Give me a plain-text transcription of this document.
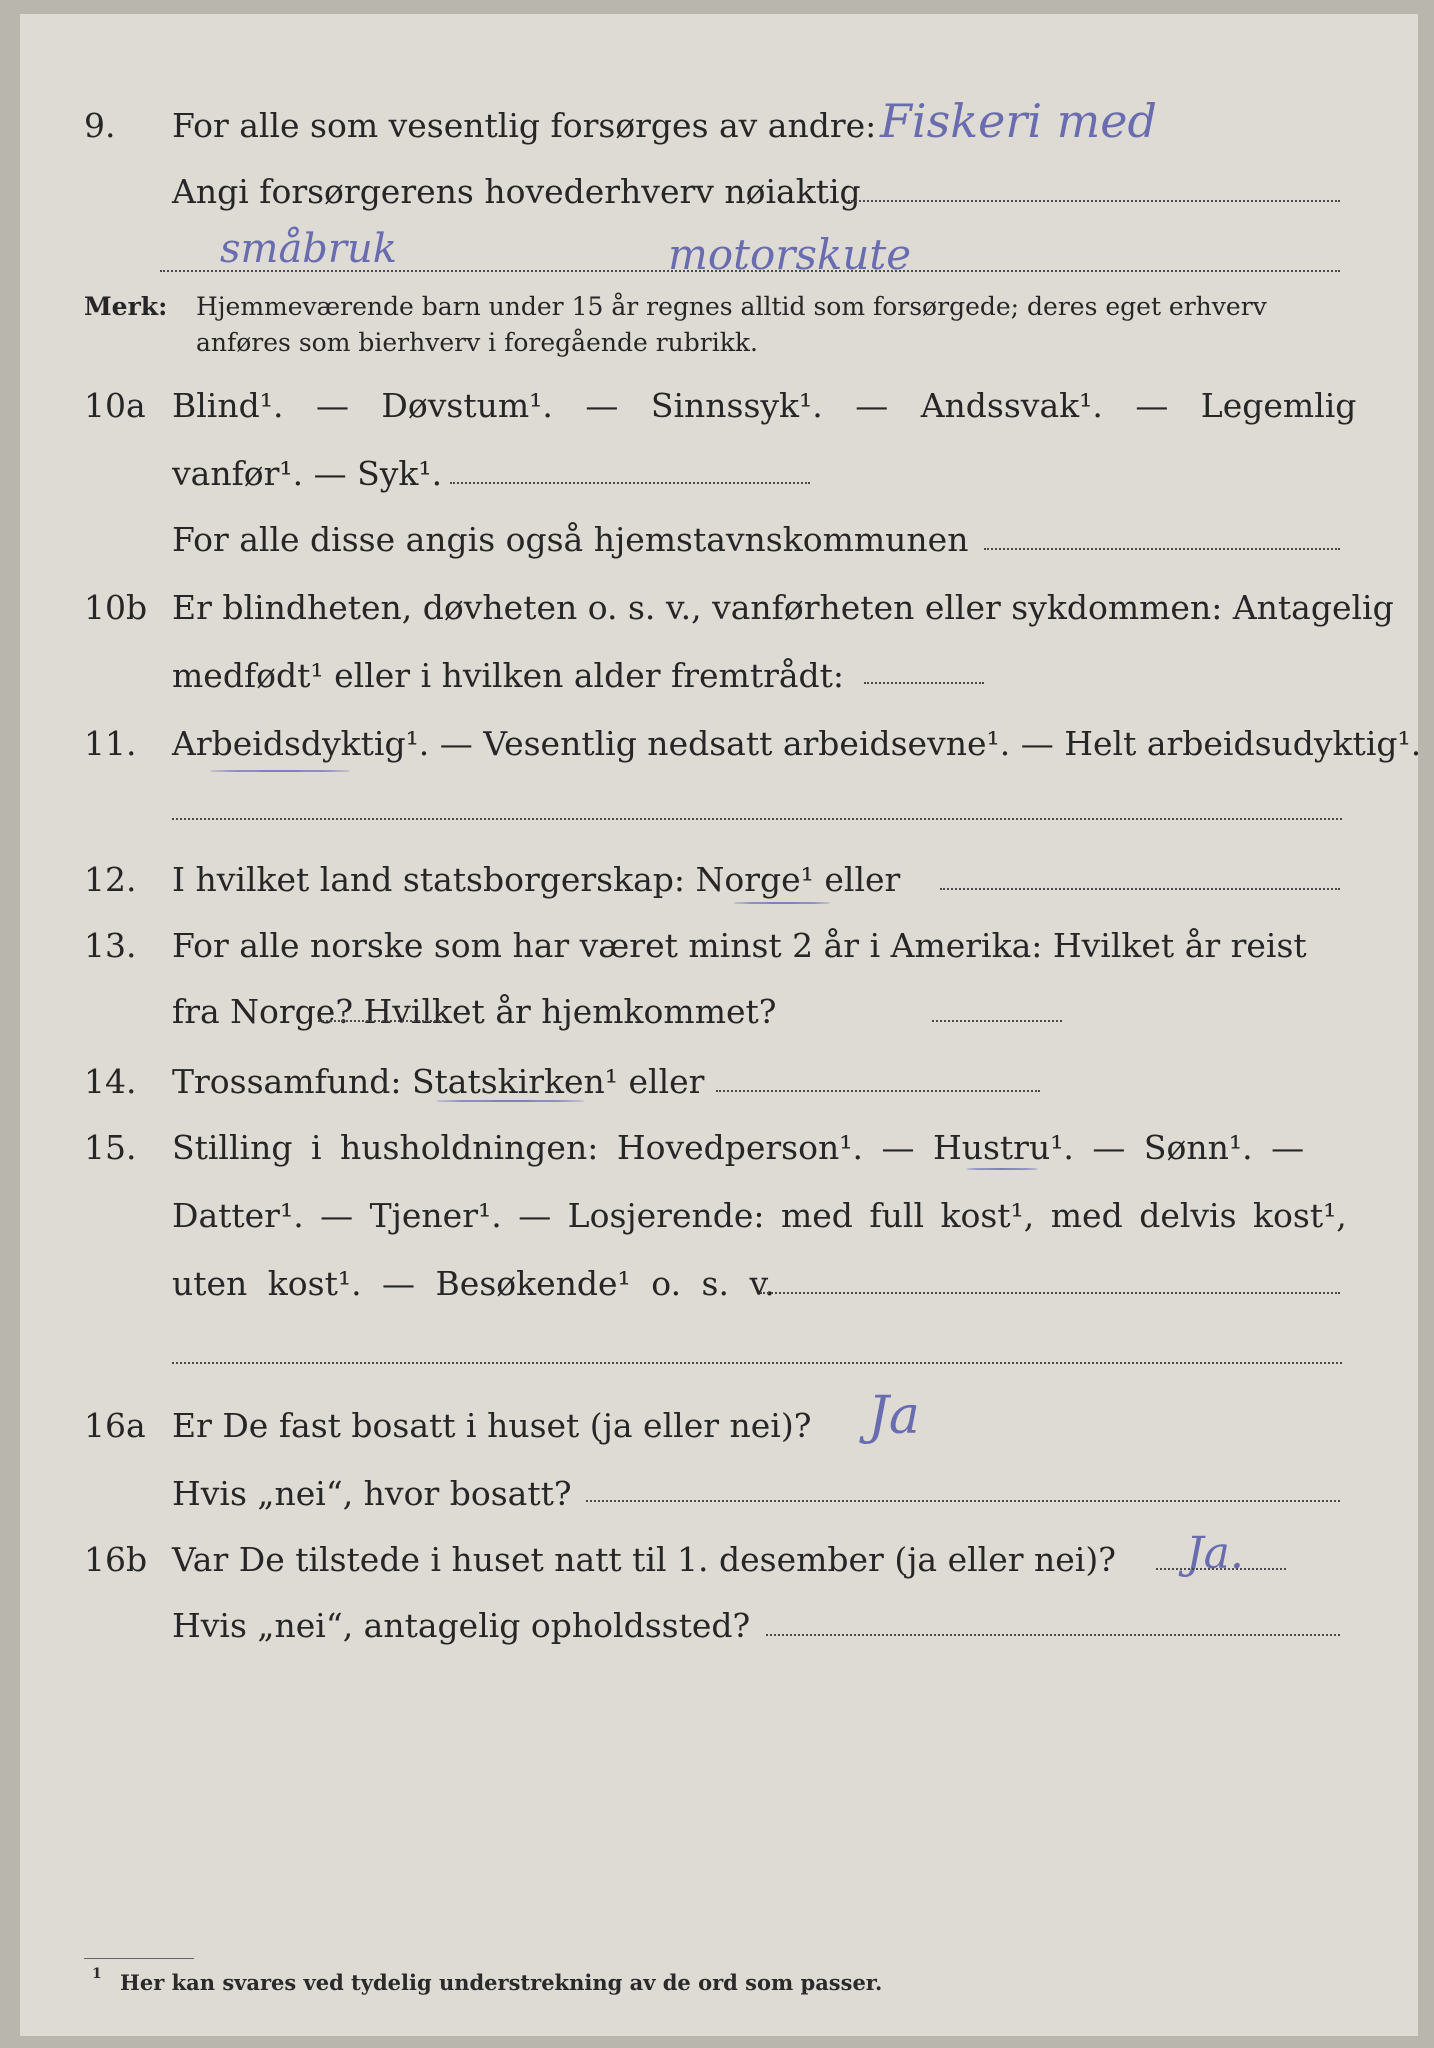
9. For alle som vesentlig forsørges av andre: Fiskeri med
Angi forsørgerens hovederhverv nøiaktig
småbruk	motorskute
Merk: Hjemmeværende barn under 15 år regnes alltid som forsørgede; deres eget erhverv
anføres som bierhverv i foregående rubrikk.
10a Blind¹. — Døvstum¹. — Sinnssyk¹. — Andssvak¹. — Legemlig
vanfør¹. — Syk¹.
For alle disse angis også hjemstavnskommunen
10b Er blindheten, døvheten o. s. v., vanførheten eller sykdommen: Antagelig
medfødt¹ eller i hvilken alder fremtrådt:
11. Arbeidsdyktig¹. — Vesentlig nedsatt arbeidsevne¹. — Helt arbeidsudyktig¹.
12. I hvilket land statsborgerskap: Norge¹ eller
13. For alle norske som har været minst 2 år i Amerika: Hvilket år reist
fra Norge? Hvilket år hjemkommet?
14. Trossamfund: Statskirken¹ eller
15. Stilling i husholdningen: Hovedperson¹. — Hustru¹. — Sønn¹. —
Datter¹. — Tjener¹. — Losjerende: med full kost¹, med delvis kost¹,
uten kost¹. — Besøkende¹ o. s. v.
16a Er De fast bosatt i huset (ja eller nei)? Ja
Hvis „nei“, hvor bosatt?
16b Var De tilstede i huset natt til 1. desember (ja eller nei)? Ja.
Hvis „nei“, antagelig opholdssted?
1 Her kan svares ved tydelig understrekning av de ord som passer.
